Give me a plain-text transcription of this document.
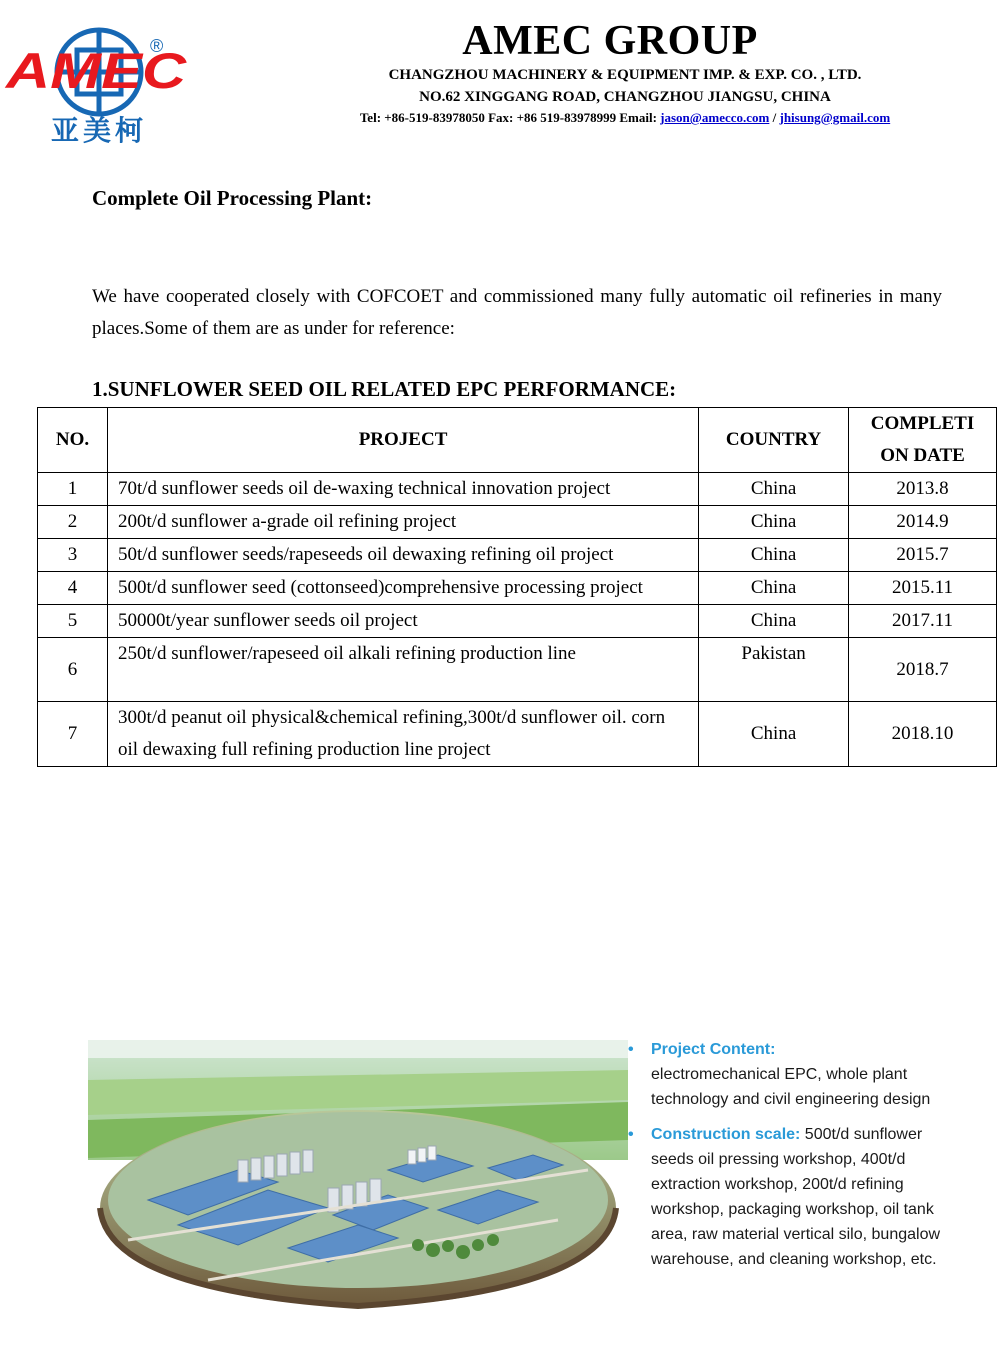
®
AMEC
亚美柯
AMEC GROUP
CHANGZHOU MACHINERY & EQUIPMENT IMP. & EXP. CO. , LTD.
NO.62 XINGGANG ROAD, CHANGZHOU JIANGSU, CHINA
Tel: +86-519-83978050 Fax: +86 519-83978999 Email: jason@amecco.com / jhisung@gmail.com
Complete Oil Processing Plant:
We have cooperated closely with COFCOET and commissioned many fully automatic oil refineries in many places.Some of them are as under for reference:
1.SUNFLOWER SEED OIL RELATED EPC PERFORMANCE:
NO.	PROJECT	COUNTRY	COMPLETI
ON DATE
1	70t/d sunflower seeds oil de-waxing technical innovation project	China	2013.8
2	200t/d sunflower a-grade oil refining project	China	2014.9
3	50t/d sunflower seeds/rapeseeds oil dewaxing refining oil project	China	2015.7
4	500t/d sunflower seed (cottonseed)comprehensive processing project	China	2015.11
5	50000t/year sunflower seeds oil project	China	2017.11
6	250t/d sunflower/rapeseed oil alkali refining production line	Pakistan	2018.7
7	300t/d peanut oil physical&chemical refining,300t/d sunflower oil. corn oil dewaxing full refining production line project	China	2018.10
• Project Content:
electromechanical EPC, whole plant technology and civil engineering design
• Construction scale: 500t/d sunflower seeds oil pressing workshop, 400t/d extraction workshop, 200t/d refining workshop, packaging workshop, oil tank area, raw material vertical silo, bungalow warehouse, and cleaning workshop, etc.
